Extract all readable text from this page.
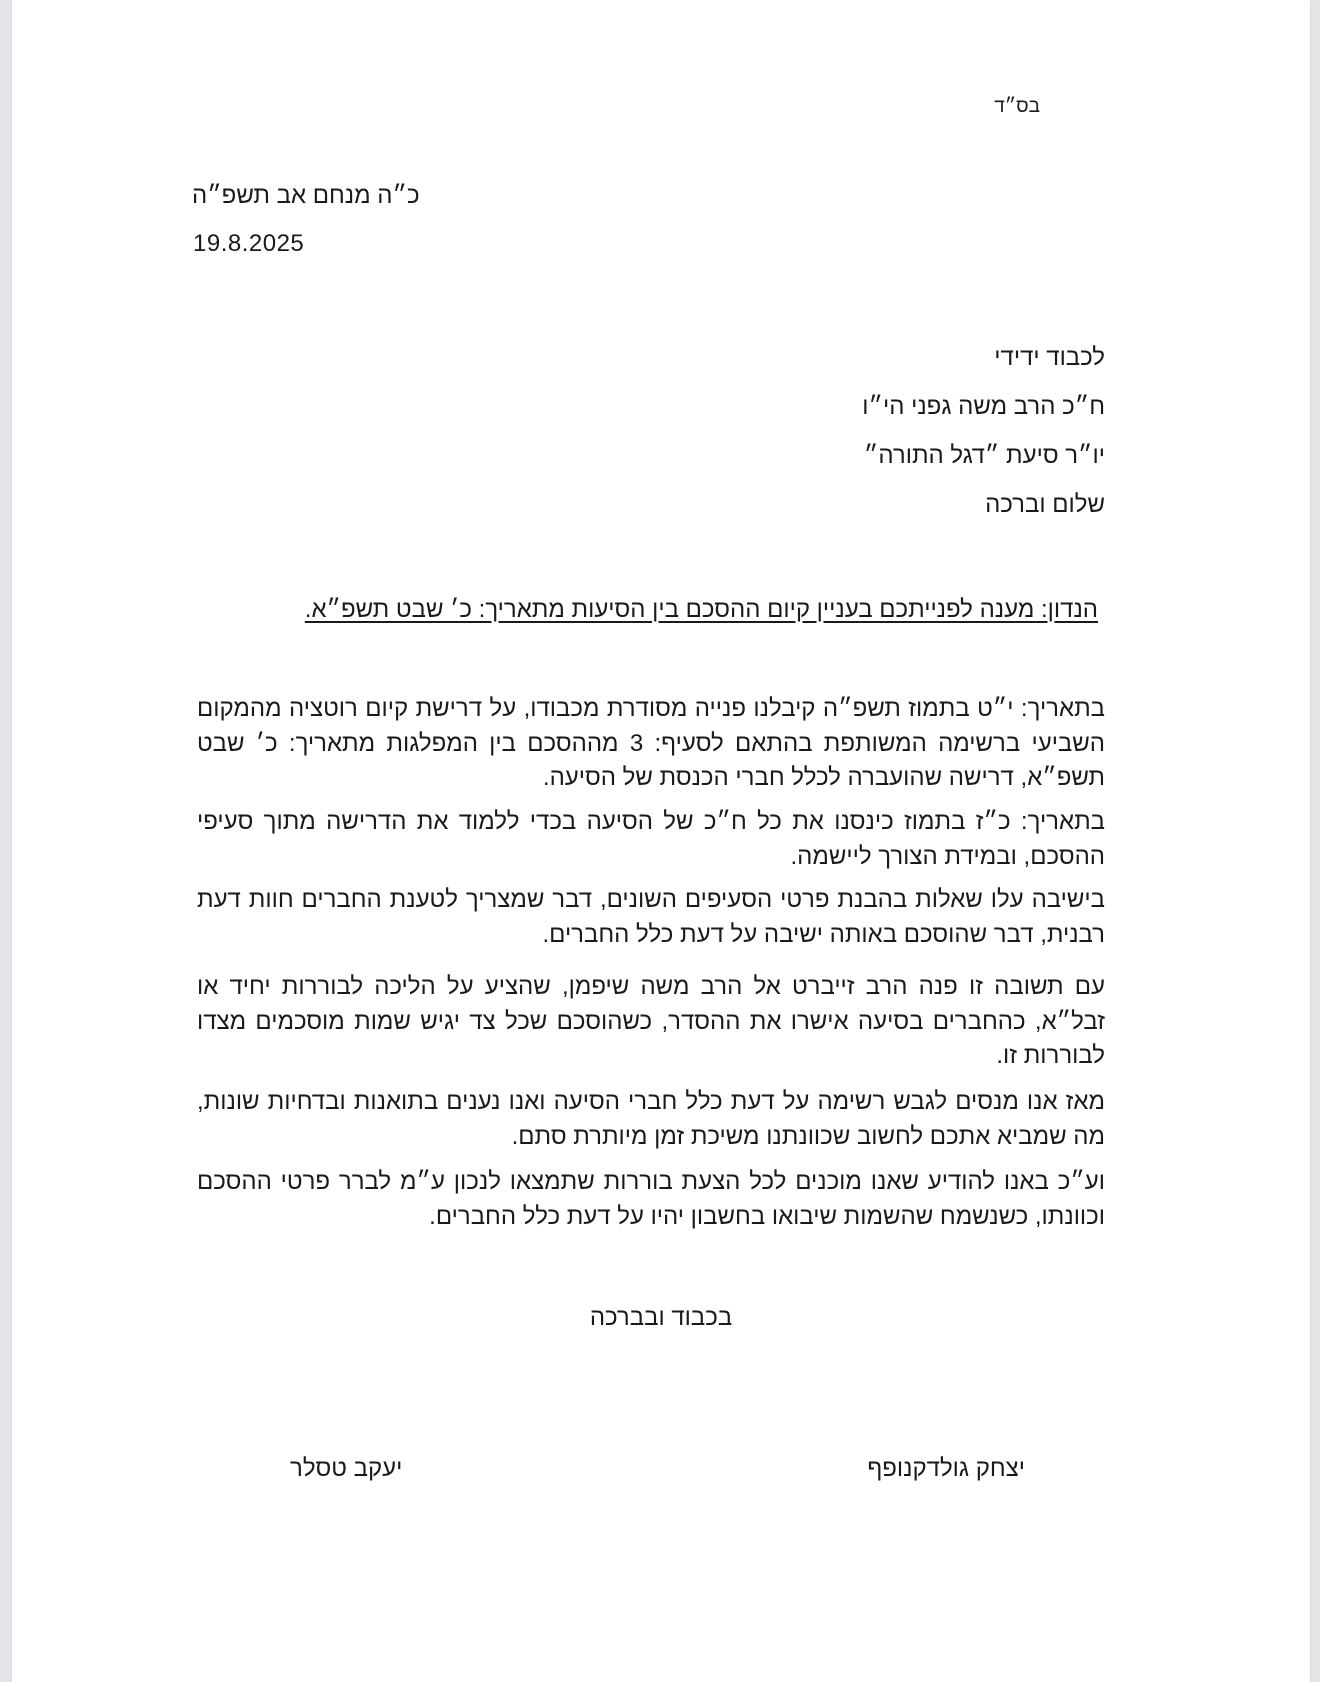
בס״ד
כ״ה מנחם אב תשפ״ה
19.8.2025
לכבוד ידידי
ח״כ הרב משה גפני הי״ו
יו״ר סיעת ״דגל התורה״
שלום וברכה
הנדון: מענה לפנייתכם בעניין קיום ההסכם בין הסיעות מתאריך: כ׳ שבט תשפ״א.
בתאריך: י״ט בתמוז תשפ״ה קיבלנו פנייה מסודרת מכבודו, על דרישת קיום רוטציה מהמקום השביעי ברשימה המשותפת בהתאם לסעיף: 3 מההסכם בין המפלגות מתאריך: כ׳ שבט תשפ״א, דרישה שהועברה לכלל חברי הכנסת של הסיעה.
בתאריך: כ״ז בתמוז כינסנו את כל ח״כ של הסיעה בכדי ללמוד את הדרישה מתוך סעיפי ההסכם, ובמידת הצורך ליישמה.
בישיבה עלו שאלות בהבנת פרטי הסעיפים השונים, דבר שמצריך לטענת החברים חוות דעת רבנית, דבר שהוסכם באותה ישיבה על דעת כלל החברים.
עם תשובה זו פנה הרב זייברט אל הרב משה שיפמן, שהציע על הליכה לבוררות יחיד או זבל״א, כהחברים בסיעה אישרו את ההסדר, כשהוסכם שכל צד יגיש שמות מוסכמים מצדו לבוררות זו.
מאז אנו מנסים לגבש רשימה על דעת כלל חברי הסיעה ואנו נענים בתואנות ובדחיות שונות, מה שמביא אתכם לחשוב שכוונתנו משיכת זמן מיותרת סתם.
וע״כ באנו להודיע שאנו מוכנים לכל הצעת בוררות שתמצאו לנכון ע״מ לברר פרטי ההסכם וכוונתו, כשנשמח שהשמות שיבואו בחשבון יהיו על דעת כלל החברים.
בכבוד ובברכה
יצחק גולדקנופף
יעקב טסלר
